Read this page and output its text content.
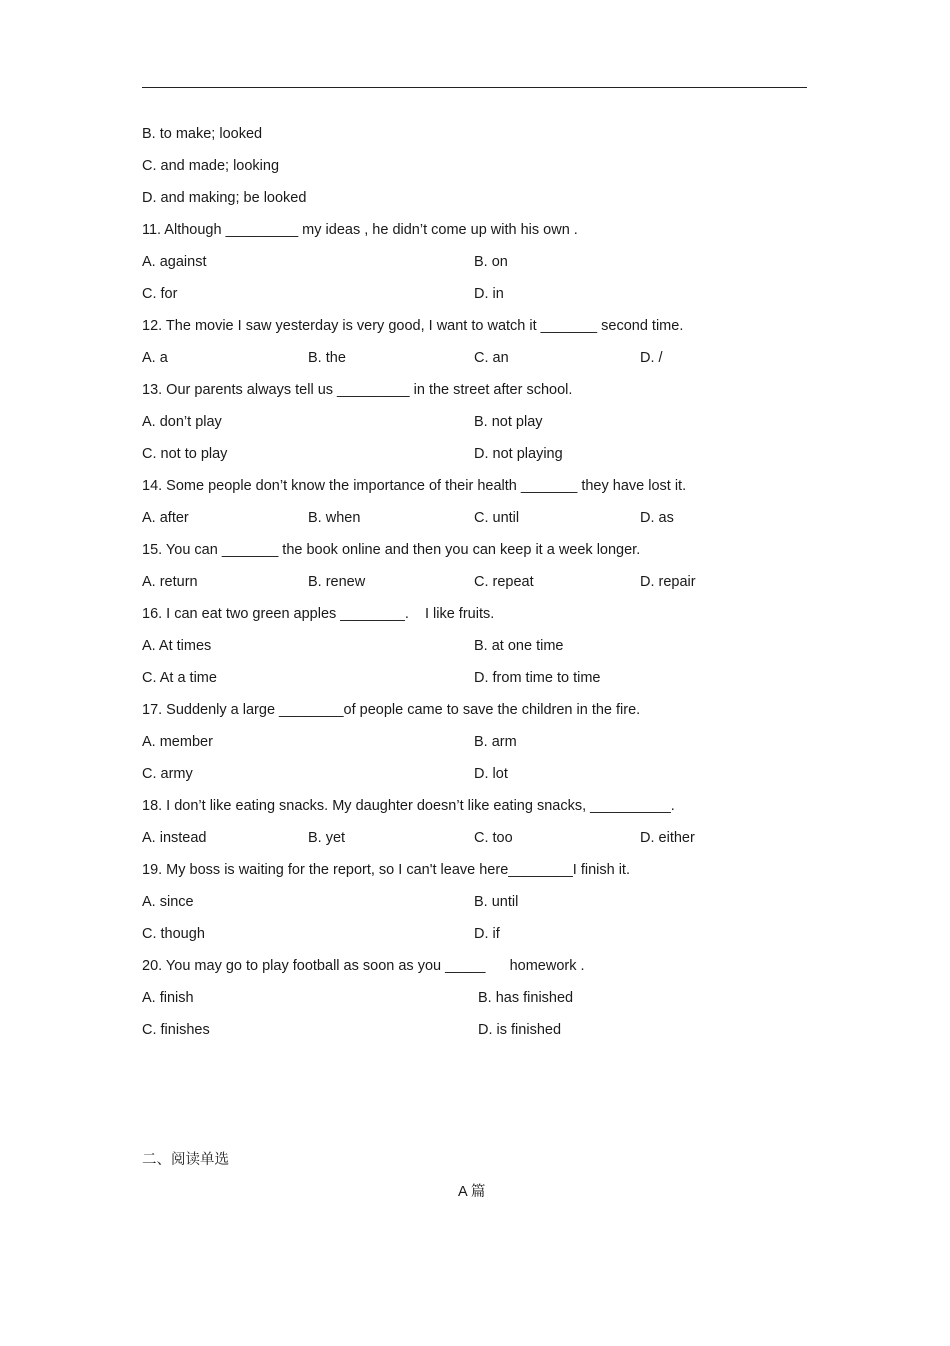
B. to make; looked
C. and made; looking
D. and making; be looked
11. Although _________ my ideas , he didn’t come up with his own .
A. against	B. on
C. for	D. in
12. The movie I saw yesterday is very good, I want to watch it _______ second time.
A. a	B. the	C. an	D. /
13. Our parents always tell us _________ in the street after school.
A. don’t play	B. not play
C. not to play	D. not playing
14. Some people don’t know the importance of their health _______ they have lost it.
A. after	B. when	C. until	D. as
15. You can _______ the book online and then you can keep it a week longer.
A. return	B. renew	C. repeat	D. repair
16. I can eat two green apples ________.    I like fruits.
A. At times	B. at one time
C. At a time	D. from time to time
17. Suddenly a large ________of people came to save the children in the fire.
A. member	B. arm
C. army	D. lot
18. I don’t like eating snacks. My daughter doesn’t like eating snacks, __________.
A. instead	B. yet	C. too	D. either
19. My boss is waiting for the report, so I can't leave here________I finish it.
A. since	B. until
C. though	D. if
20. You may go to play football as soon as you _____      homework .
A. finish	B. has finished
C. finishes	D. is finished
二、阅读单选
A 篇
